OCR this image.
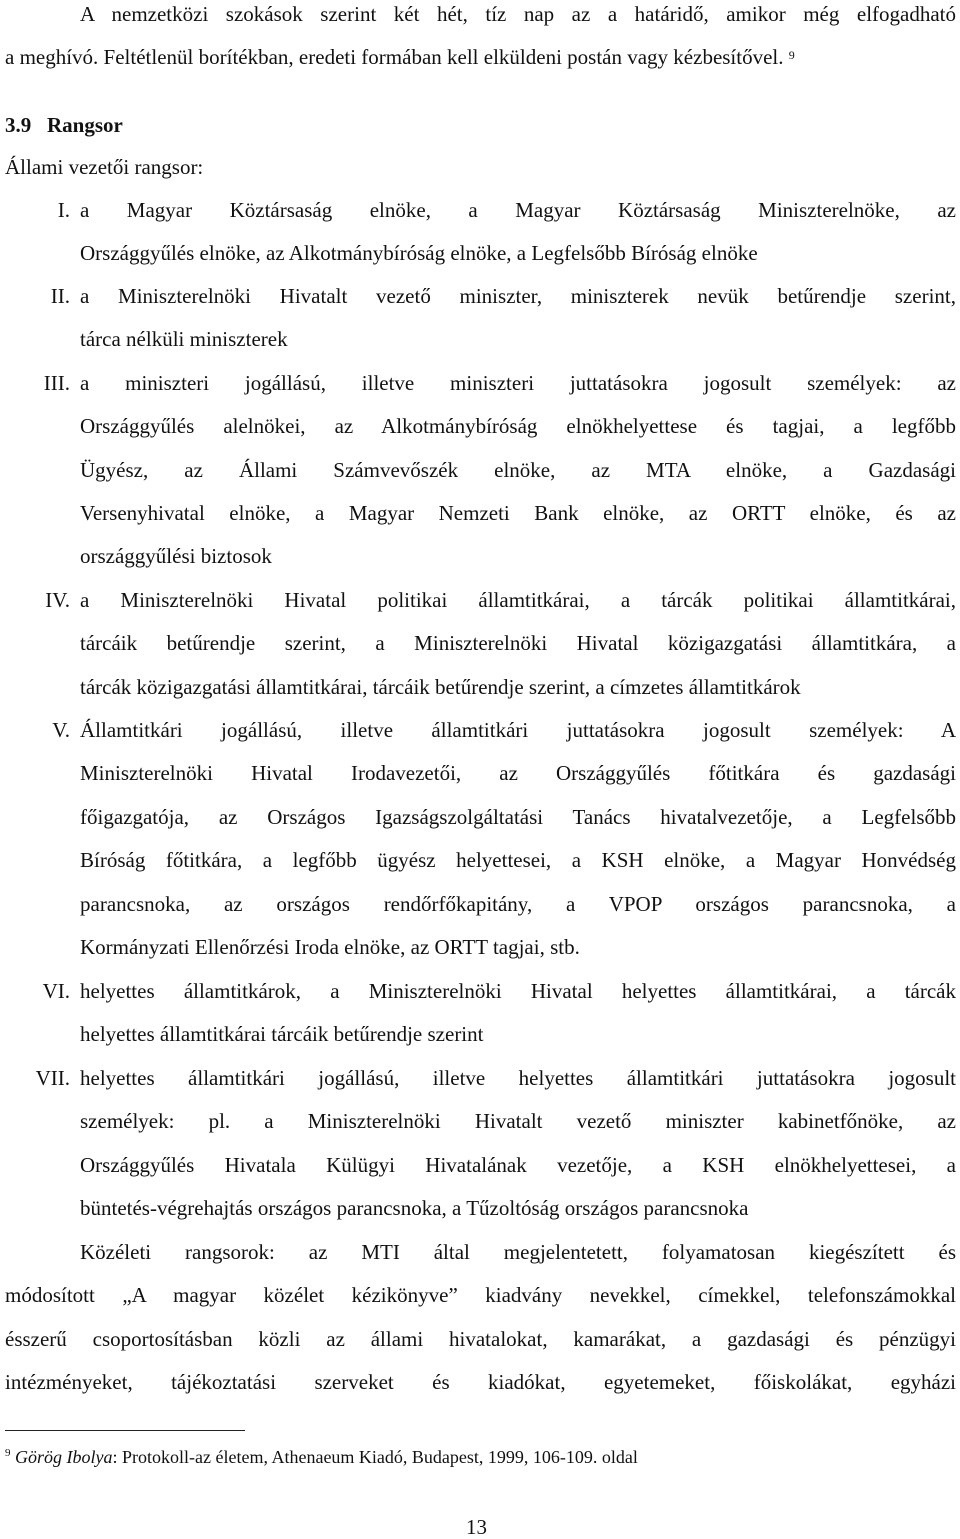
A nemzetközi szokások szerint két hét, tíz nap az a határidő, amikor még elfogadható
a meghívó. Feltétlenül borítékban, eredeti formában kell elküldeni postán vagy kézbesítővel. $^9$
3.9 Rangsor
Állami vezetői rangsor:
I. a Magyar Köztársaság elnöke, a Magyar Köztársaság Miniszterelnöke, az
Országgyűlés elnöke, az Alkotmánybíróság elnöke, a Legfelsőbb Bíróság elnöke
II. a Miniszterelnöki Hivatalt vezető miniszter, miniszterek nevük betűrendje szerint,
tárca nélküli miniszterek
III. a miniszteri jogállású, illetve miniszteri juttatásokra jogosult személyek: az
Országgyűlés alelnökei, az Alkotmánybíróság elnökhelyettese és tagjai, a legfőbb
Ügyész, az Állami Számvevőszék elnöke, az MTA elnöke, a Gazdasági
Versenyhivatal elnöke, a Magyar Nemzeti Bank elnöke, az ORTT elnöke, és az
országgyűlési biztosok
IV. a Miniszterelnöki Hivatal politikai államtitkárai, a tárcák politikai államtitkárai,
tárcáik betűrendje szerint, a Miniszterelnöki Hivatal közigazgatási államtitkára, a
tárcák közigazgatási államtitkárai, tárcáik betűrendje szerint, a címzetes államtitkárok
V. Államtitkári jogállású, illetve államtitkári juttatásokra jogosult személyek: A
Miniszterelnöki Hivatal Irodavezetői, az Országgyűlés főtitkára és gazdasági
főigazgatója, az Országos Igazságszolgáltatási Tanács hivatalvezetője, a Legfelsőbb
Bíróság főtitkára, a legfőbb ügyész helyettesei, a KSH elnöke, a Magyar Honvédség
parancsnoka, az országos rendőrfőkapitány, a VPOP országos parancsnoka, a
Kormányzati Ellenőrzési Iroda elnöke, az ORTT tagjai, stb.
VI. helyettes államtitkárok, a Miniszterelnöki Hivatal helyettes államtitkárai, a tárcák
helyettes államtitkárai tárcáik betűrendje szerint
VII. helyettes államtitkári jogállású, illetve helyettes államtitkári juttatásokra jogosult
személyek: pl. a Miniszterelnöki Hivatalt vezető miniszter kabinetfőnöke, az
Országgyűlés Hivatala Külügyi Hivatalának vezetője, a KSH elnökhelyettesei, a
büntetés-végrehajtás országos parancsnoka, a Tűzoltóság országos parancsnoka
Közéleti rangsorok: az MTI által megjelentetett, folyamatosan kiegészített és
módosított „A magyar közélet kézikönyve” kiadvány nevekkel, címekkel, telefonszámokkal
ésszerű csoportosításban közli az állami hivatalokat, kamarákat, a gazdasági és pénzügyi
intézményeket, tájékoztatási szerveket és kiadókat, egyetemeket, főiskolákat, egyházi
$^9$ Görög Ibolya: Protokoll-az életem, Athenaeum Kiadó, Budapest, 1999, 106-109. oldal
13
